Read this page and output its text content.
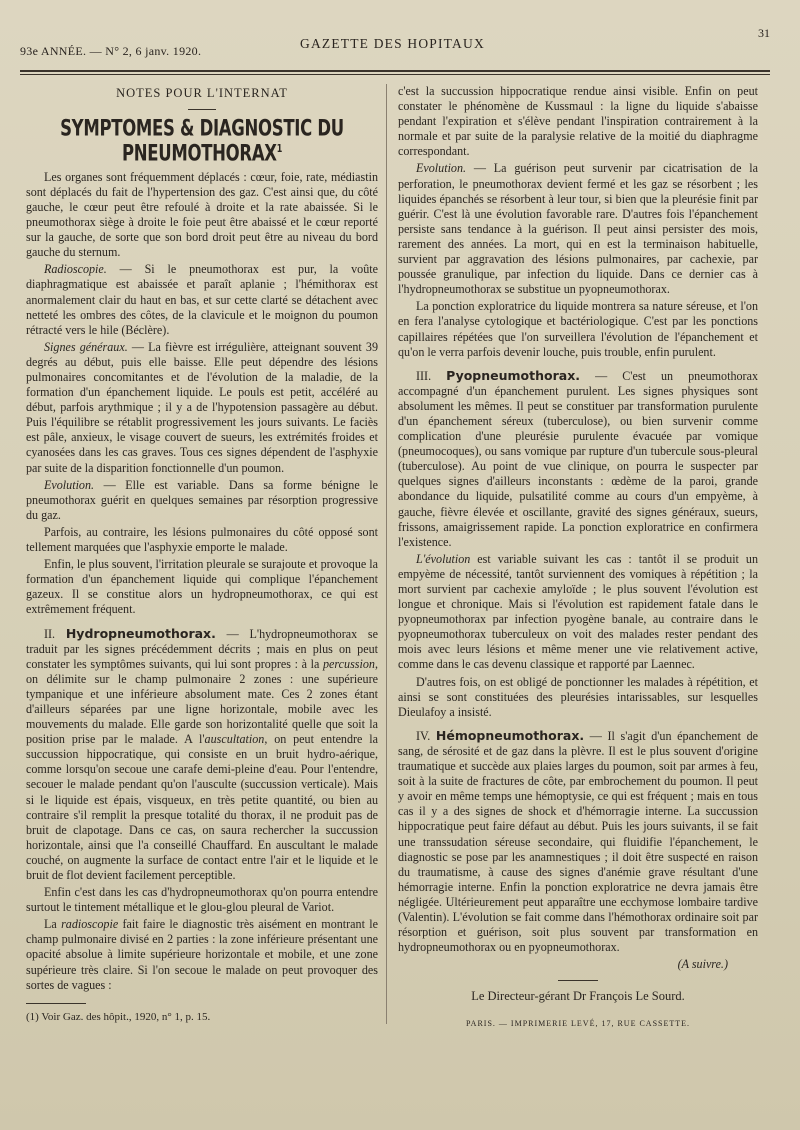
93e ANNÉE. — N° 2, 6 janv. 1920.	GAZETTE DES HOPITAUX
31
NOTES POUR L'INTERNAT
SYMPTOMES & DIAGNOSTIC DU PNEUMOTHORAX$^1$

Les organes sont fréquemment déplacés : cœur, foie, rate, médiastin sont déplacés du fait de l'hypertension des gaz. C'est ainsi que, du côté gauche, le cœur peut être refoulé à droite et la rate abaissée. Si le pneumothorax siège à droite le foie peut être abaissé et le cœur reporté sur la gauche, de sorte que son bord droit peut être au niveau du bord gauche du sternum.

Radioscopie. — Si le pneumothorax est pur, la voûte diaphragmatique est abaissée et paraît aplanie ; l'hémithorax est anormalement clair du haut en bas, et sur cette clarté se détachent avec netteté les ombres des côtes, de la clavicule et le moignon du poumon rétracté vers le hile (Béclère).

Signes généraux. — La fièvre est irrégulière, atteignant souvent 39 degrés au début, puis elle baisse. Elle peut dépendre des lésions pulmonaires concomitantes et de l'évolution de la maladie, de la formation d'un épanchement liquide. Le pouls est petit, accéléré au début, parfois arythmique ; il y a de l'hypotension passagère au début. Puis l'équilibre se rétablit progressivement les jours suivants. Le faciès est pâle, anxieux, le visage couvert de sueurs, les extrémités froides et cyanosées dans les cas graves. Tous ces signes dépendent de l'asphyxie par suite de la disparition fonctionnelle d'un poumon.

Evolution. — Elle est variable. Dans sa forme bénigne le pneumothorax guérit en quelques semaines par résorption progressive du gaz.

Parfois, au contraire, les lésions pulmonaires du côté opposé sont tellement marquées que l'asphyxie emporte le malade.

Enfin, le plus souvent, l'irritation pleurale se surajoute et provoque la formation d'un épanchement liquide qui complique l'épanchement gazeux. Il se constitue alors un hydropneumothorax, ce qui est extrêmement fréquent.

II. Hydropneumothorax. — L'hydropneumothorax se traduit par les signes précédemment décrits ; mais en plus on peut constater les symptômes suivants, qui lui sont propres : à la percussion, on délimite sur le champ pulmonaire 2 zones : une supérieure tympanique et une inférieure absolument mate. Ces 2 zones étant d'ailleurs séparées par une ligne horizontale, mobile avec les mouvements du malade. Elle garde son horizontalité quelle que soit la position prise par le malade. A l'auscultation, on peut entendre la succussion hippocratique, qui consiste en un bruit hydro-aérique, comme lorsqu'on secoue une carafe demi-pleine d'eau. Pour l'entendre, secouer le malade pendant qu'on l'ausculte (succussion verticale). Mais si le liquide est épais, visqueux, en très petite quantité, ou bien au contraire s'il remplit la presque totalité du thorax, il ne produit pas de bruit de clapotage. Dans ce cas, on saura rechercher la succussion horizontale, ainsi que l'a conseillé Chauffard. En auscultant le malade couché, on augmente la surface de contact entre l'air et le liquide et le bruit de flot devient facilement perceptible.

Enfin c'est dans les cas d'hydropneumothorax qu'on pourra entendre surtout le tintement métallique et le glou-glou pleural de Variot.

La radioscopie fait faire le diagnostic très aisément en montrant le champ pulmonaire divisé en 2 parties : la zone inférieure présentant une opacité absolue à limite supérieure horizontale et mobile, et une zone supérieure très claire. Si l'on secoue le malade on peut provoquer des sortes de vagues :

(1) Voir Gaz. des hôpit., 1920, n° 1, p. 15.

c'est la succussion hippocratique rendue ainsi visible. Enfin on peut constater le phénomène de Kussmaul : la ligne du liquide s'abaisse pendant l'expiration et s'élève pendant l'inspiration contrairement à la normale et par suite de la paralysie relative de la moitié du diaphragme correspondant.

Evolution. — La guérison peut survenir par cicatrisation de la perforation, le pneumothorax devient fermé et les gaz se résorbent ; les liquides épanchés se résorbent à leur tour, si bien que la pleurésie finit par guérir. C'est là une évolution favorable rare. D'autres fois l'épanchement persiste sans tendance à la guérison. Il peut ainsi persister des mois, rarement des années. La mort, qui en est la terminaison habituelle, survient par aggravation des lésions pulmonaires, par cachexie, par poussée granulique, par infection du liquide. Dans ce dernier cas à l'hydropneumothorax se substitue un pyopneumothorax.

La ponction exploratrice du liquide montrera sa nature séreuse, et l'on en fera l'analyse cytologique et bactériologique. C'est par les ponctions capillaires répétées que l'on surveillera l'évolution de l'épanchement et qu'on le verra parfois devenir louche, puis trouble, enfin purulent.

III. Pyopneumothorax. — C'est un pneumothorax accompagné d'un épanchement purulent. Les signes physiques sont absolument les mêmes. Il peut se constituer par transformation purulente d'un épanchement séreux (tuberculose), ou bien survenir comme complication d'une pleurésie purulente évacuée par vomique (pneumocoques), ou sans vomique par rupture d'un tubercule sous-pleural (tuberculose). Au point de vue clinique, on pourra le suspecter par quelques signes d'ailleurs inconstants : œdème de la paroi, grande abondance du liquide, pulsatilité comme au cours d'un empyème, à gauche, fièvre élevée et oscillante, gravité des signes généraux, sueurs, frissons, amaigrissement rapide. La ponction exploratrice en confirmera l'existence.

L'évolution est variable suivant les cas : tantôt il se produit un empyème de nécessité, tantôt surviennent des vomiques à répétition ; la mort survient par cachexie amyloïde ; le plus souvent l'évolution est longue et chronique. Mais si l'évolution est rapidement fatale dans le pyopneumothorax par infection pyogène banale, au contraire dans le pyopneumothorax tuberculeux on voit des malades rester pendant des mois avec leurs lésions et même mener une vie relativement active, comme dans le cas devenu classique et rapporté par Laennec.

D'autres fois, on est obligé de ponctionner les malades à répétition, et ainsi se sont constituées des pleurésies intarissables, sur lesquelles Dieulafoy a insisté.

IV. Hémopneumothorax. — Il s'agit d'un épanchement de sang, de sérosité et de gaz dans la plèvre. Il est le plus souvent d'origine traumatique et succède aux plaies larges du poumon, soit par armes à feu, soit à la suite de fractures de côte, par embrochement du poumon. Il peut y avoir en même temps une hémoptysie, ce qui est fréquent ; mais en tous cas il y a des signes de shock et d'hémorragie interne. La succussion hippocratique peut faire défaut au début. Puis les jours suivants, il se fait une transsudation séreuse secondaire, qui fluidifie l'épanchement, le diagnostic se pose par les anamnestiques ; il doit être suspecté en raison du traumatisme, à cause des signes d'anémie grave résultant d'une hémorragie interne. Enfin la ponction exploratrice ne devra jamais être négligée. Ultérieurement peut apparaître une ecchymose lombaire tardive (Valentin). L'évolution se fait comme dans l'hémothorax ordinaire soit par résorption et guérison, soit plus souvent par transformation en hydropneumothorax ou en pyopneumothorax.

(A suivre.)

Le Directeur-gérant Dr François Le Sourd.
PARIS. — IMPRIMERIE LEVÉ, 17, RUE CASSETTE.
